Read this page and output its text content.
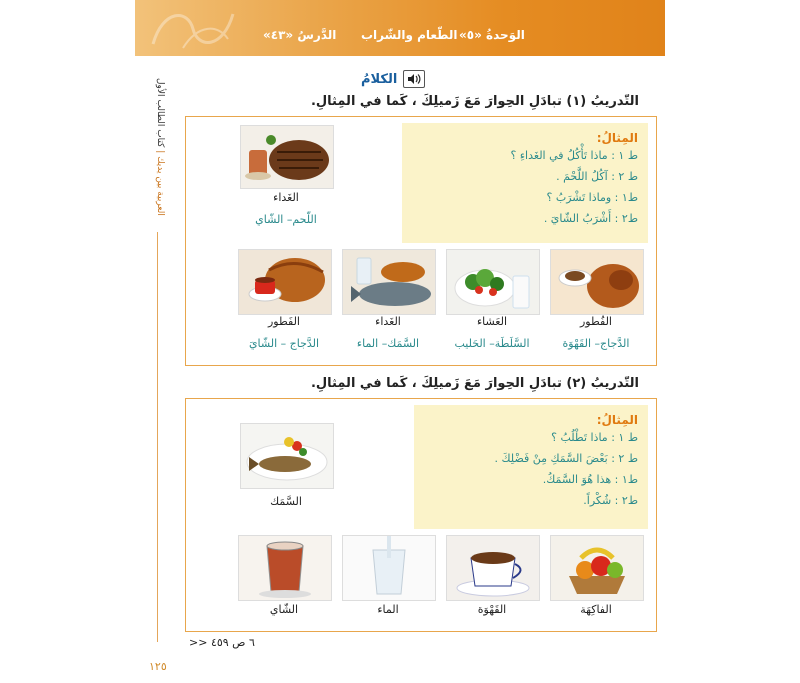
الوَحدةُ «٥»
الطّعام والشّراب
الدَّرسُ «٤٣»
العربية بين يديك | كتاب الطالب الأول
١٢٥
الكلامُ
التّدريبُ (١) تبادَلِ الحِوارَ مَعَ زَميلِكَ ، كَما في المِثالِ.
المِثالُ:
ط ١ : ماذا تَأْكُلُ في الغَداءِ ؟
ط ٢ : آكُلُ اللَّحْمَ .
ط١ : وماذا تَشْرَبُ ؟
ط٢ : أَشْرَبُ الشّايَ .
الغَداء
اللّحم– الشّاي
الفُطور
الدَّجاج– القَهْوَة
العَشاء
السَّلَطَة– الحَليب
الغَداء
السَّمَك– الماء
الفَطور
الدَّجاج – الشّايَ
التّدريبُ (٢) تبادَلِ الحِوارَ مَعَ زَميلِكَ ، كَما في المِثالِ.
المِثالُ:
ط ١ : ماذا تَطْلُبُ ؟
ط ٢ : بَعْضَ السَّمَكِ مِنْ فَضْلِكَ .
ط١ : هذا هُوَ السَّمَكُ.
ط٢ : شُكْراً.
السَّمَك
الفاكِهَة
القَهْوَة
الماء
الشّاي
>> ٦ ص ٤٥٩
